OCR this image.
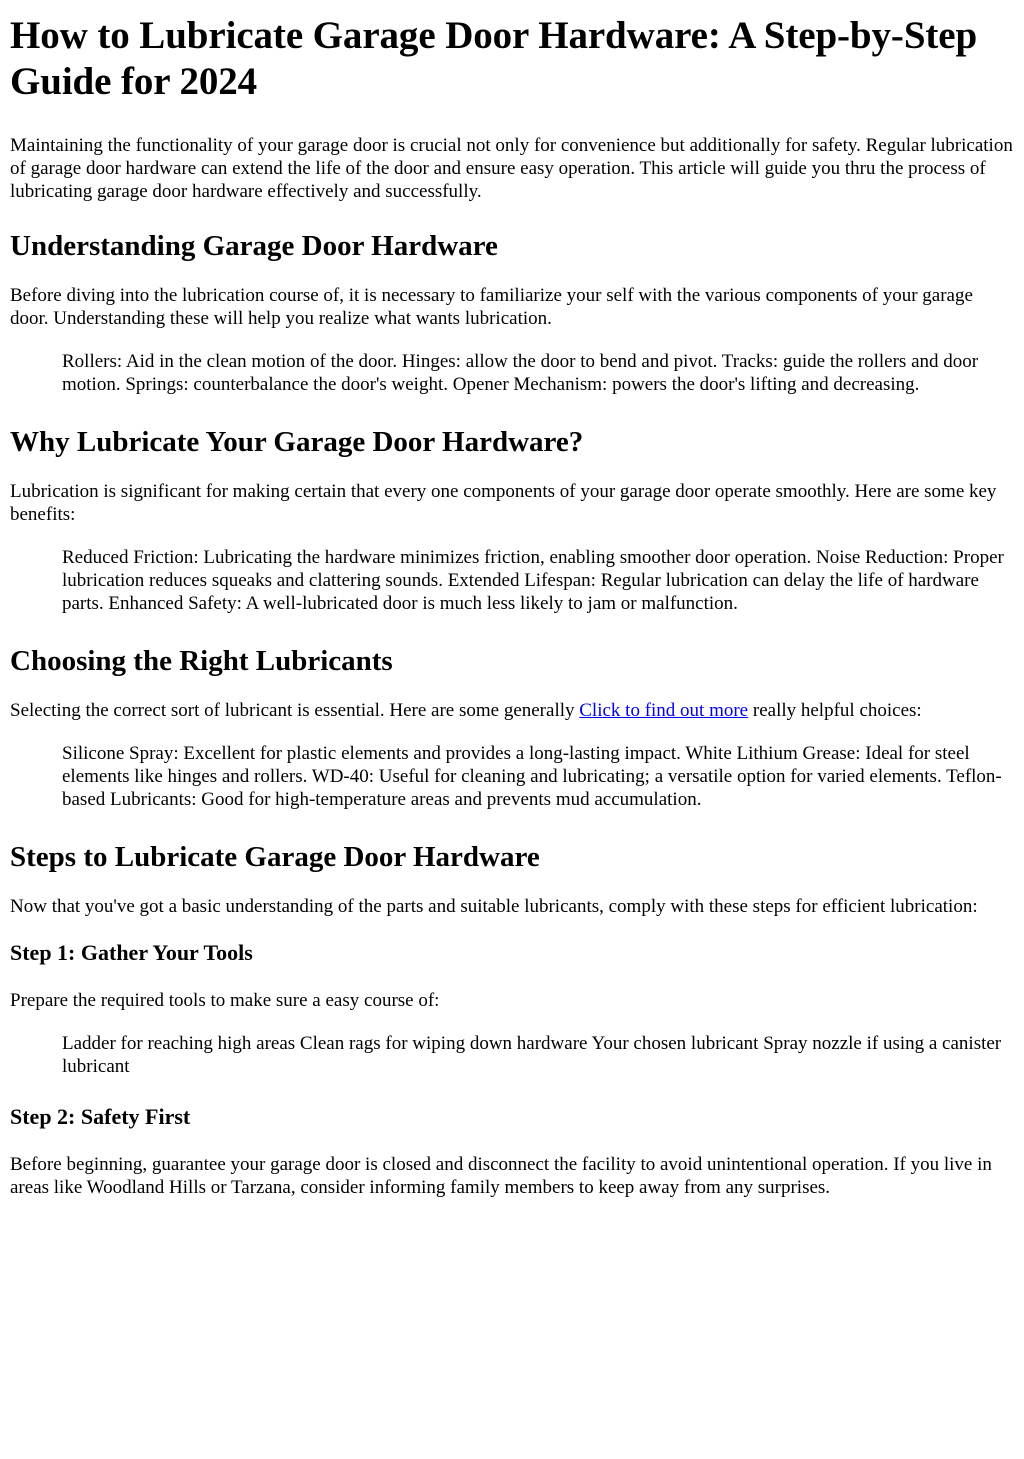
How to Lubricate Garage Door Hardware: A Step-by-Step Guide for 2024

Maintaining the functionality of your garage door is crucial not only for convenience but additionally for safety. Regular lubrication of garage door hardware can extend the life of the door and ensure easy operation. This article will guide you thru the process of lubricating garage door hardware effectively and successfully.

Understanding Garage Door Hardware

Before diving into the lubrication course of, it is necessary to familiarize your self with the various components of your garage door. Understanding these will help you realize what wants lubrication.

Rollers: Aid in the clean motion of the door. Hinges: allow the door to bend and pivot. Tracks: guide the rollers and door motion. Springs: counterbalance the door's weight. Opener Mechanism: powers the door's lifting and decreasing.
Why Lubricate Your Garage Door Hardware?

Lubrication is significant for making certain that every one components of your garage door operate smoothly. Here are some key benefits:

Reduced Friction: Lubricating the hardware minimizes friction, enabling smoother door operation. Noise Reduction: Proper lubrication reduces squeaks and clattering sounds. Extended Lifespan: Regular lubrication can delay the life of hardware parts. Enhanced Safety: A well-lubricated door is much less likely to jam or malfunction.
Choosing the Right Lubricants

Selecting the correct sort of lubricant is essential. Here are some generally Click to find out more really helpful choices:

Silicone Spray: Excellent for plastic elements and provides a long-lasting impact. White Lithium Grease: Ideal for steel elements like hinges and rollers. WD-40: Useful for cleaning and lubricating; a versatile option for varied elements. Teflon-based Lubricants: Good for high-temperature areas and prevents mud accumulation.
Steps to Lubricate Garage Door Hardware

Now that you've got a basic understanding of the parts and suitable lubricants, comply with these steps for efficient lubrication:

Step 1: Gather Your Tools

Prepare the required tools to make sure a easy course of:

Ladder for reaching high areas Clean rags for wiping down hardware Your chosen lubricant Spray nozzle if using a canister lubricant
Step 2: Safety First

Before beginning, guarantee your garage door is closed and disconnect the facility to avoid unintentional operation. If you live in areas like Woodland Hills or Tarzana, consider informing family members to keep away from any surprises.
